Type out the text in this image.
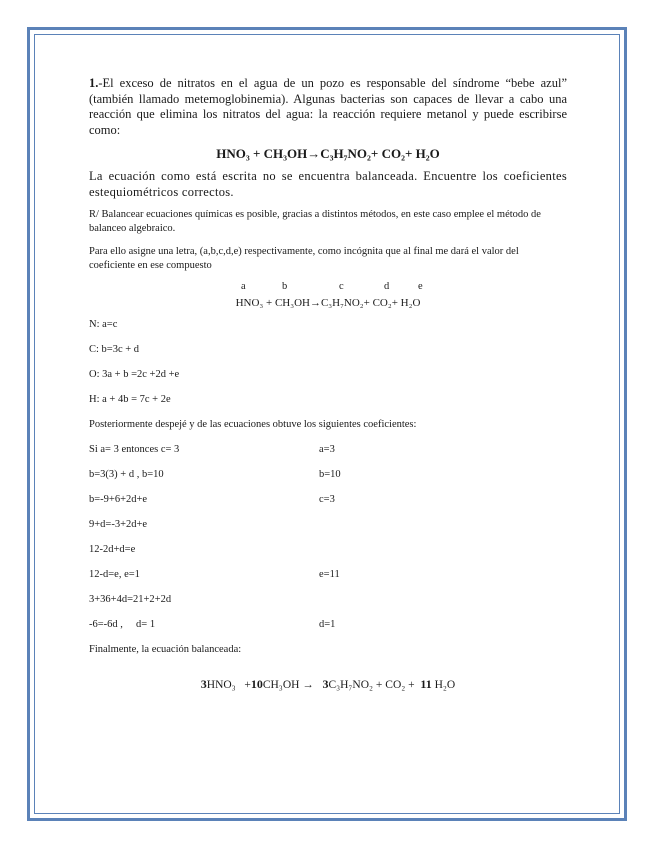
1.-El exceso de nitratos en el agua de un pozo es responsable del síndrome “bebe azul” (también llamado metemoglobinemia). Algunas bacterias son capaces de llevar a cabo una reacción que elimina los nitratos del agua: la reacción requiere metanol y puede escribirse como:

HNO₃ + CH₃OH→C₃H₇NO₂+ CO₂+ H₂O

La ecuación como está escrita no se encuentra balanceada. Encuentre los coeficientes estequiométricos correctos.

R/ Balancear ecuaciones químicas es posible, gracias a distintos métodos, en este caso emplee el método de balanceo algebraico.

Para ello asigne una letra, (a,b,c,d,e) respectivamente, como incógnita que al final me dará el valor del coeficiente en ese compuesto

a	b	c	d	e
HNO₃ + CH₃OH→C₃H₇NO₂+ CO₂+ H₂O
N: a=c
C: b=3c + d
O: 3a + b =2c +2d +e
H: a + 4b = 7c + 2e
Posteriormente despejé y de las ecuaciones obtuve los siguientes coeficientes:
Si a= 3 entonces c= 3	a=3
b=3(3) + d , b=10	b=10
b=-9+6+2d+e	c=3
9+d=-3+2d+e
12-2d+d=e
12-d=e, e=1	e=11
3+36+4d=21+2+2d
-6=-6d ,     d= 1	d=1
Finalmente, la ecuación balanceada:
3HNO₃ +10CH₃OH → 3C₃H₇NO₂ + CO₂ + 11 H₂O
